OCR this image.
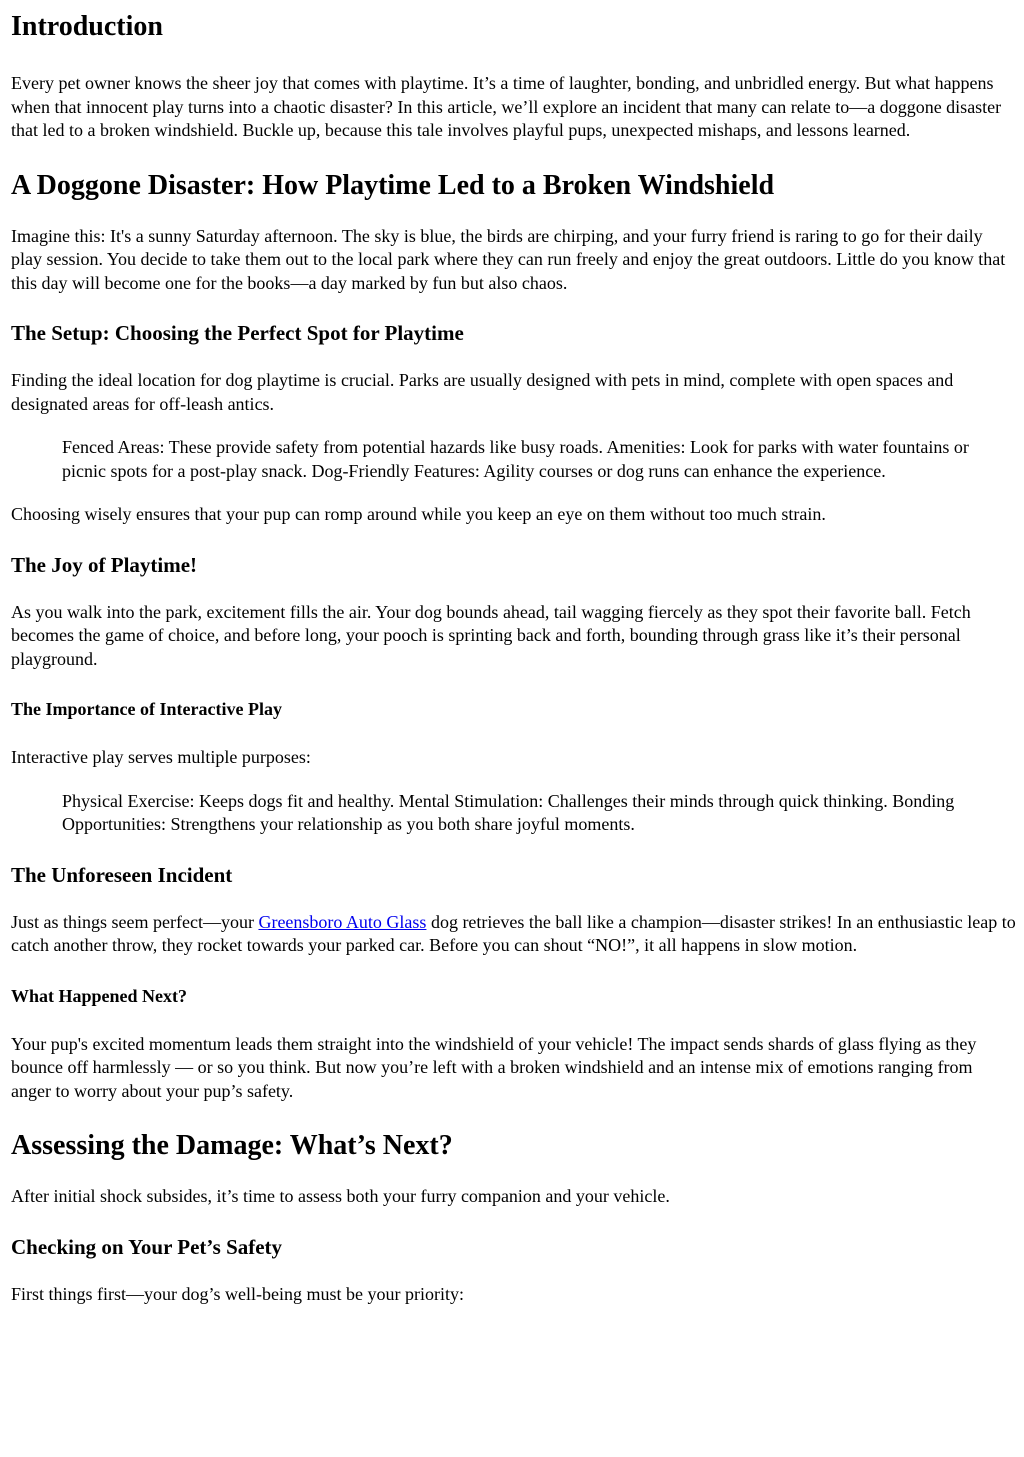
Introduction

Every pet owner knows the sheer joy that comes with playtime. It’s a time of laughter, bonding, and unbridled energy. But what happens when that innocent play turns into a chaotic disaster? In this article, we’ll explore an incident that many can relate to—a doggone disaster that led to a broken windshield. Buckle up, because this tale involves playful pups, unexpected mishaps, and lessons learned.

A Doggone Disaster: How Playtime Led to a Broken Windshield

Imagine this: It's a sunny Saturday afternoon. The sky is blue, the birds are chirping, and your furry friend is raring to go for their daily play session. You decide to take them out to the local park where they can run freely and enjoy the great outdoors. Little do you know that this day will become one for the books—a day marked by fun but also chaos.

The Setup: Choosing the Perfect Spot for Playtime

Finding the ideal location for dog playtime is crucial. Parks are usually designed with pets in mind, complete with open spaces and designated areas for off-leash antics.

Fenced Areas: These provide safety from potential hazards like busy roads. Amenities: Look for parks with water fountains or picnic spots for a post-play snack. Dog-Friendly Features: Agility courses or dog runs can enhance the experience.

Choosing wisely ensures that your pup can romp around while you keep an eye on them without too much strain.

The Joy of Playtime!

As you walk into the park, excitement fills the air. Your dog bounds ahead, tail wagging fiercely as they spot their favorite ball. Fetch becomes the game of choice, and before long, your pooch is sprinting back and forth, bounding through grass like it’s their personal playground.

The Importance of Interactive Play

Interactive play serves multiple purposes:

Physical Exercise: Keeps dogs fit and healthy. Mental Stimulation: Challenges their minds through quick thinking. Bonding Opportunities: Strengthens your relationship as you both share joyful moments.
The Unforeseen Incident

Just as things seem perfect—your Greensboro Auto Glass dog retrieves the ball like a champion—disaster strikes! In an enthusiastic leap to catch another throw, they rocket towards your parked car. Before you can shout “NO!”, it all happens in slow motion.

What Happened Next?

Your pup's excited momentum leads them straight into the windshield of your vehicle! The impact sends shards of glass flying as they bounce off harmlessly — or so you think. But now you’re left with a broken windshield and an intense mix of emotions ranging from anger to worry about your pup’s safety.

Assessing the Damage: What’s Next?

After initial shock subsides, it’s time to assess both your furry companion and your vehicle.

Checking on Your Pet’s Safety

First things first—your dog’s well-being must be your priority:
